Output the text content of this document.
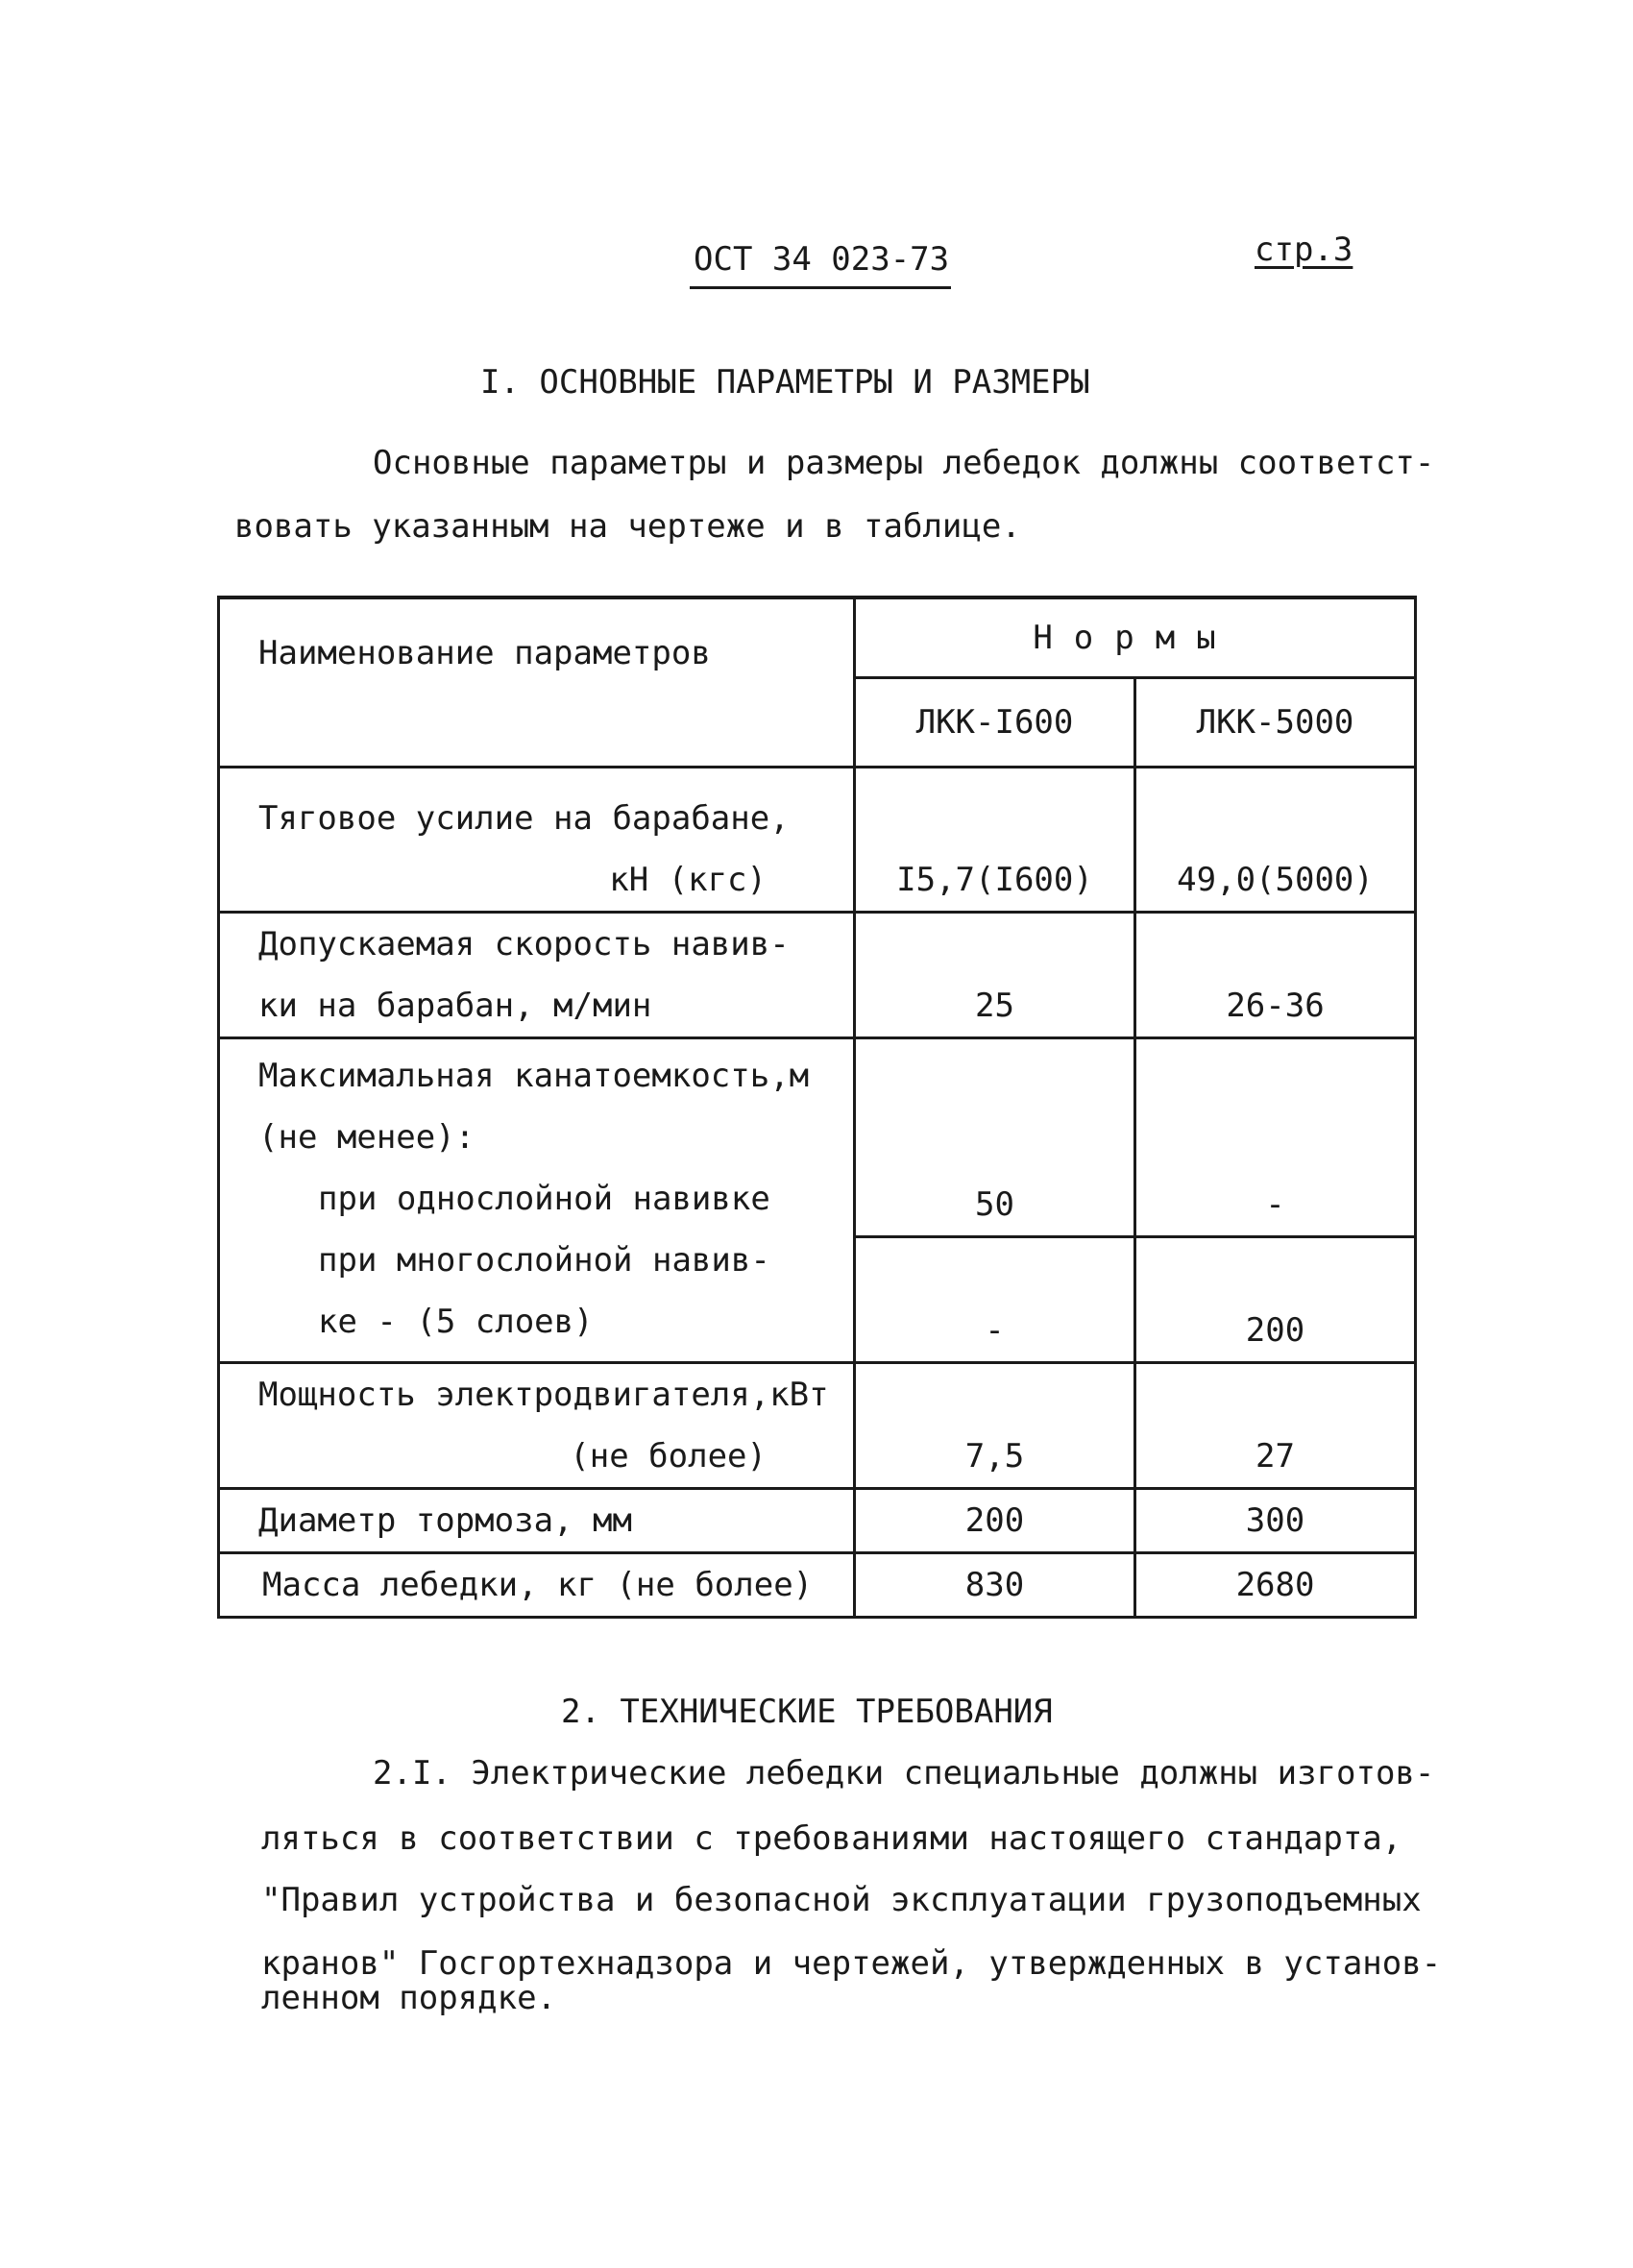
ОСТ 34 023-73	стр.3
I. ОСНОВНЫЕ ПАРАМЕТРЫ И РАЗМЕРЫ
Основные параметры и размеры лебедок должны соответст-
вовать указанным на чертеже и в таблице.
Наименование параметров	Нормы	
	ЛКК-I600	ЛКК-5000

Тяговое усилие на барабане,
кН (кгс)	I5,7(I600)	49,0(5000)

Допускаемая скорость навив-
ки на барабан, м/мин	25	26-36

Максимальная канатоемкость,м
(не менее):
при однослойной навивке
при многослойной навив-
ке - (5 слоев)	50	-

	-	200

Мощность электродвигателя,кВт
(не более)	7,5	27

Диаметр тормоза, мм	200	300

Масса лебедки, кг (не более)	830	2680
2. ТЕХНИЧЕСКИЕ ТРЕБОВАНИЯ
2.I. Электрические лебедки специальные должны изготов-
ляться в соответствии с требованиями настоящего стандарта,
"Правил устройства и безопасной эксплуатации грузоподъемных
кранов" Госгортехнадзора и чертежей, утвержденных в установ-
ленном порядке.
